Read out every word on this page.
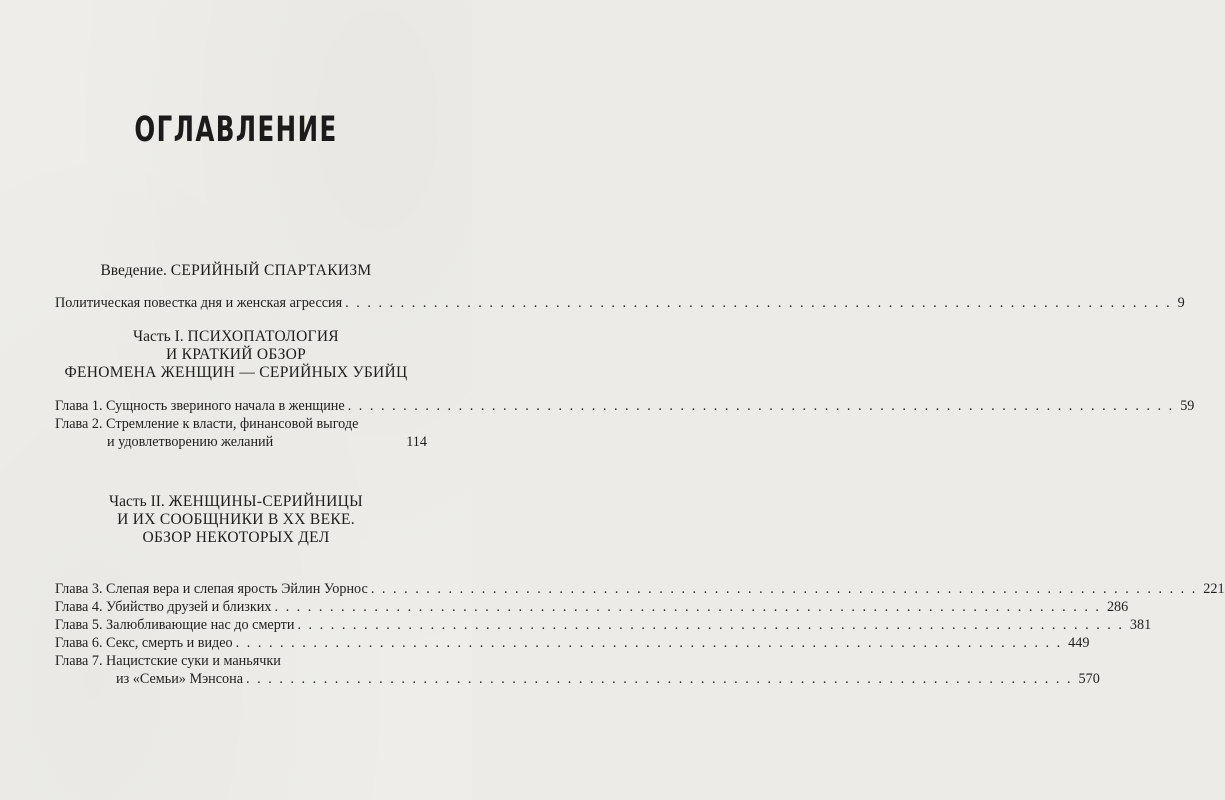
ОГЛАВЛЕНИЕ
Введение. СЕРИЙНЫЙ СПАРТАКИЗМ
Политическая повестка дня и женская агрессия . . .	9
Часть I. ПСИХОПАТОЛОГИЯ
И КРАТКИЙ ОБЗОР
ФЕНОМЕНА ЖЕНЩИН — СЕРИЙНЫХ УБИЙЦ
Глава 1. Сущность звериного начала в женщине . . .	59
Глава 2. Стремление к власти, финансовой выгоде
и удовлетворению желаний	114
Часть II. ЖЕНЩИНЫ-СЕРИЙНИЦЫ
И ИХ СООБЩНИКИ В XX ВЕКЕ.
ОБЗОР НЕКОТОРЫХ ДЕЛ
Глава 3. Слепая вера и слепая ярость Эйлин Уорнос . . .	221
Глава 4. Убийство друзей и близких . . .	286
Глава 5. Залюбливающие нас до смерти . . .	381
Глава 6. Секс, смерть и видео . . .	449
Глава 7. Нацистские суки и маньячки
из «Семьи» Мэнсона . . .	570
